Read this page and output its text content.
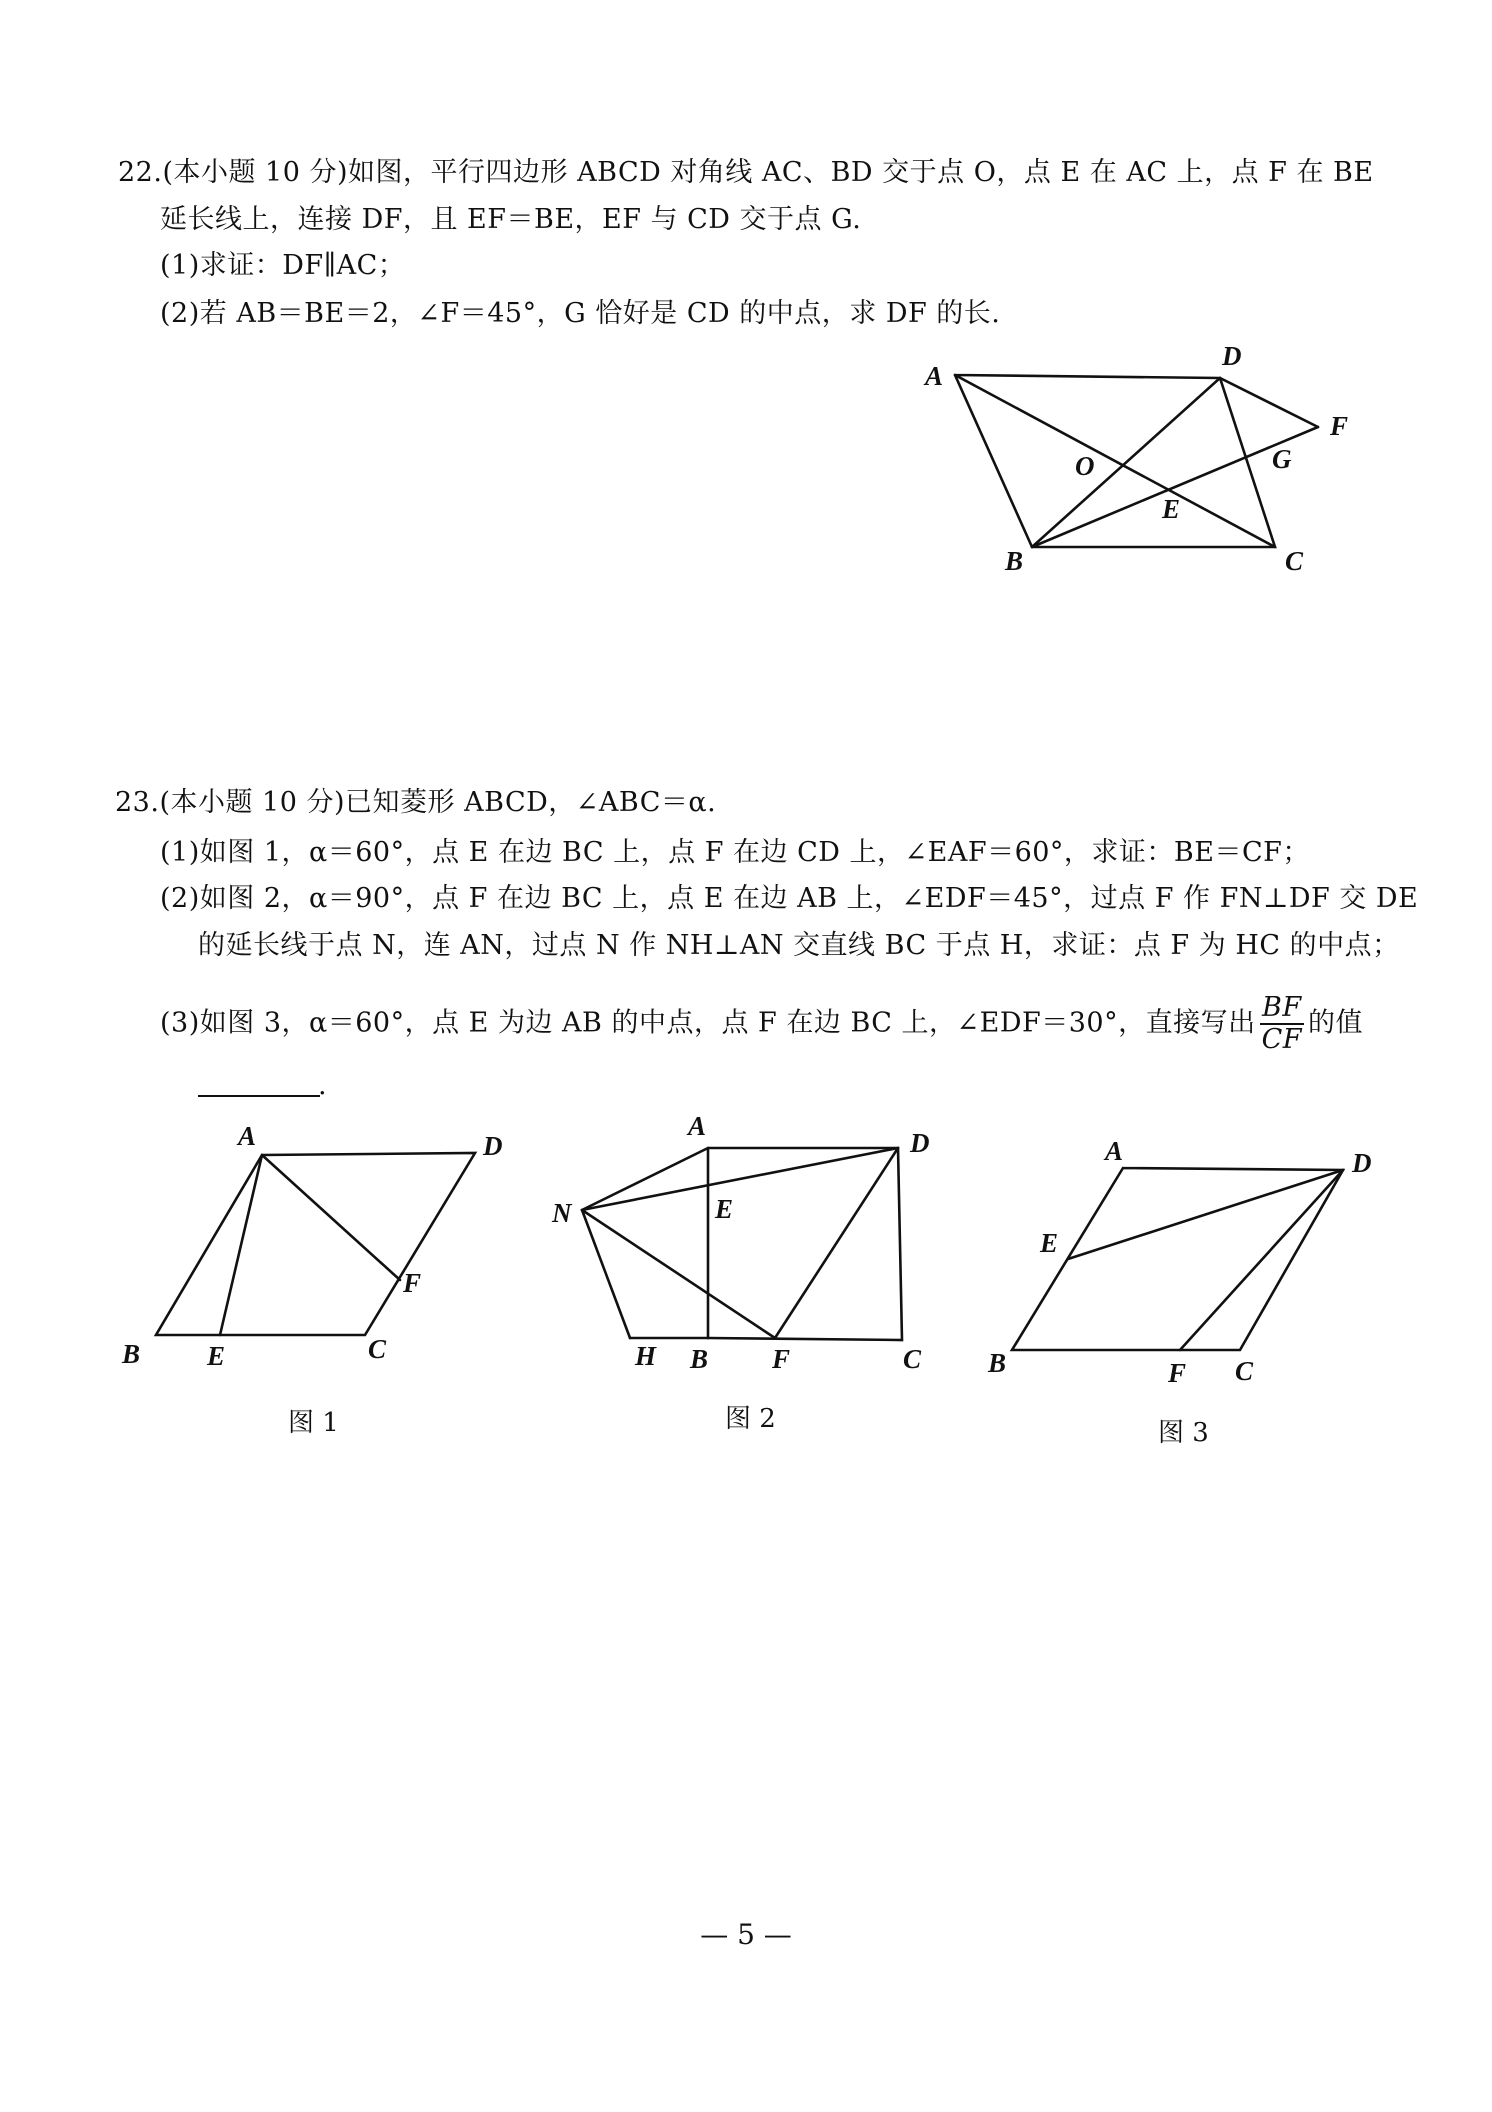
22.(本小题 10 分)如图，平行四边形 ABCD 对角线 AC、BD 交于点 O，点 E 在 AC 上，点 F 在 BE
延长线上，连接 DF，且 EF＝BE，EF 与 CD 交于点 G.
(1)求证：DF∥AC；
(2)若 AB＝BE＝2，∠F＝45°，G 恰好是 CD 的中点，求 DF 的长.
A
D
F
G
O
E
B	C
23.(本小题 10 分)已知菱形 ABCD，∠ABC＝α.
(1)如图 1，α＝60°，点 E 在边 BC 上，点 F 在边 CD 上，∠EAF＝60°，求证：BE＝CF；
(2)如图 2，α＝90°，点 F 在边 BC 上，点 E 在边 AB 上，∠EDF＝45°，过点 F 作 FN⊥DF 交 DE
的延长线于点 N，连 AN，过点 N 作 NH⊥AN 交直线 BC 于点 H，求证：点 F 为 HC 的中点；
(3)如图 3，α＝60°，点 E 为边 AB 的中点，点 F 在边 BC 上，∠EDF＝30°，直接写出 $\frac{BF}{CF}$ 的值
.
A	D
F
B E	C
A
D
N	E
H B F	C
A	D
E
B	F C
图 1	图 2	图 3
— 5 —
